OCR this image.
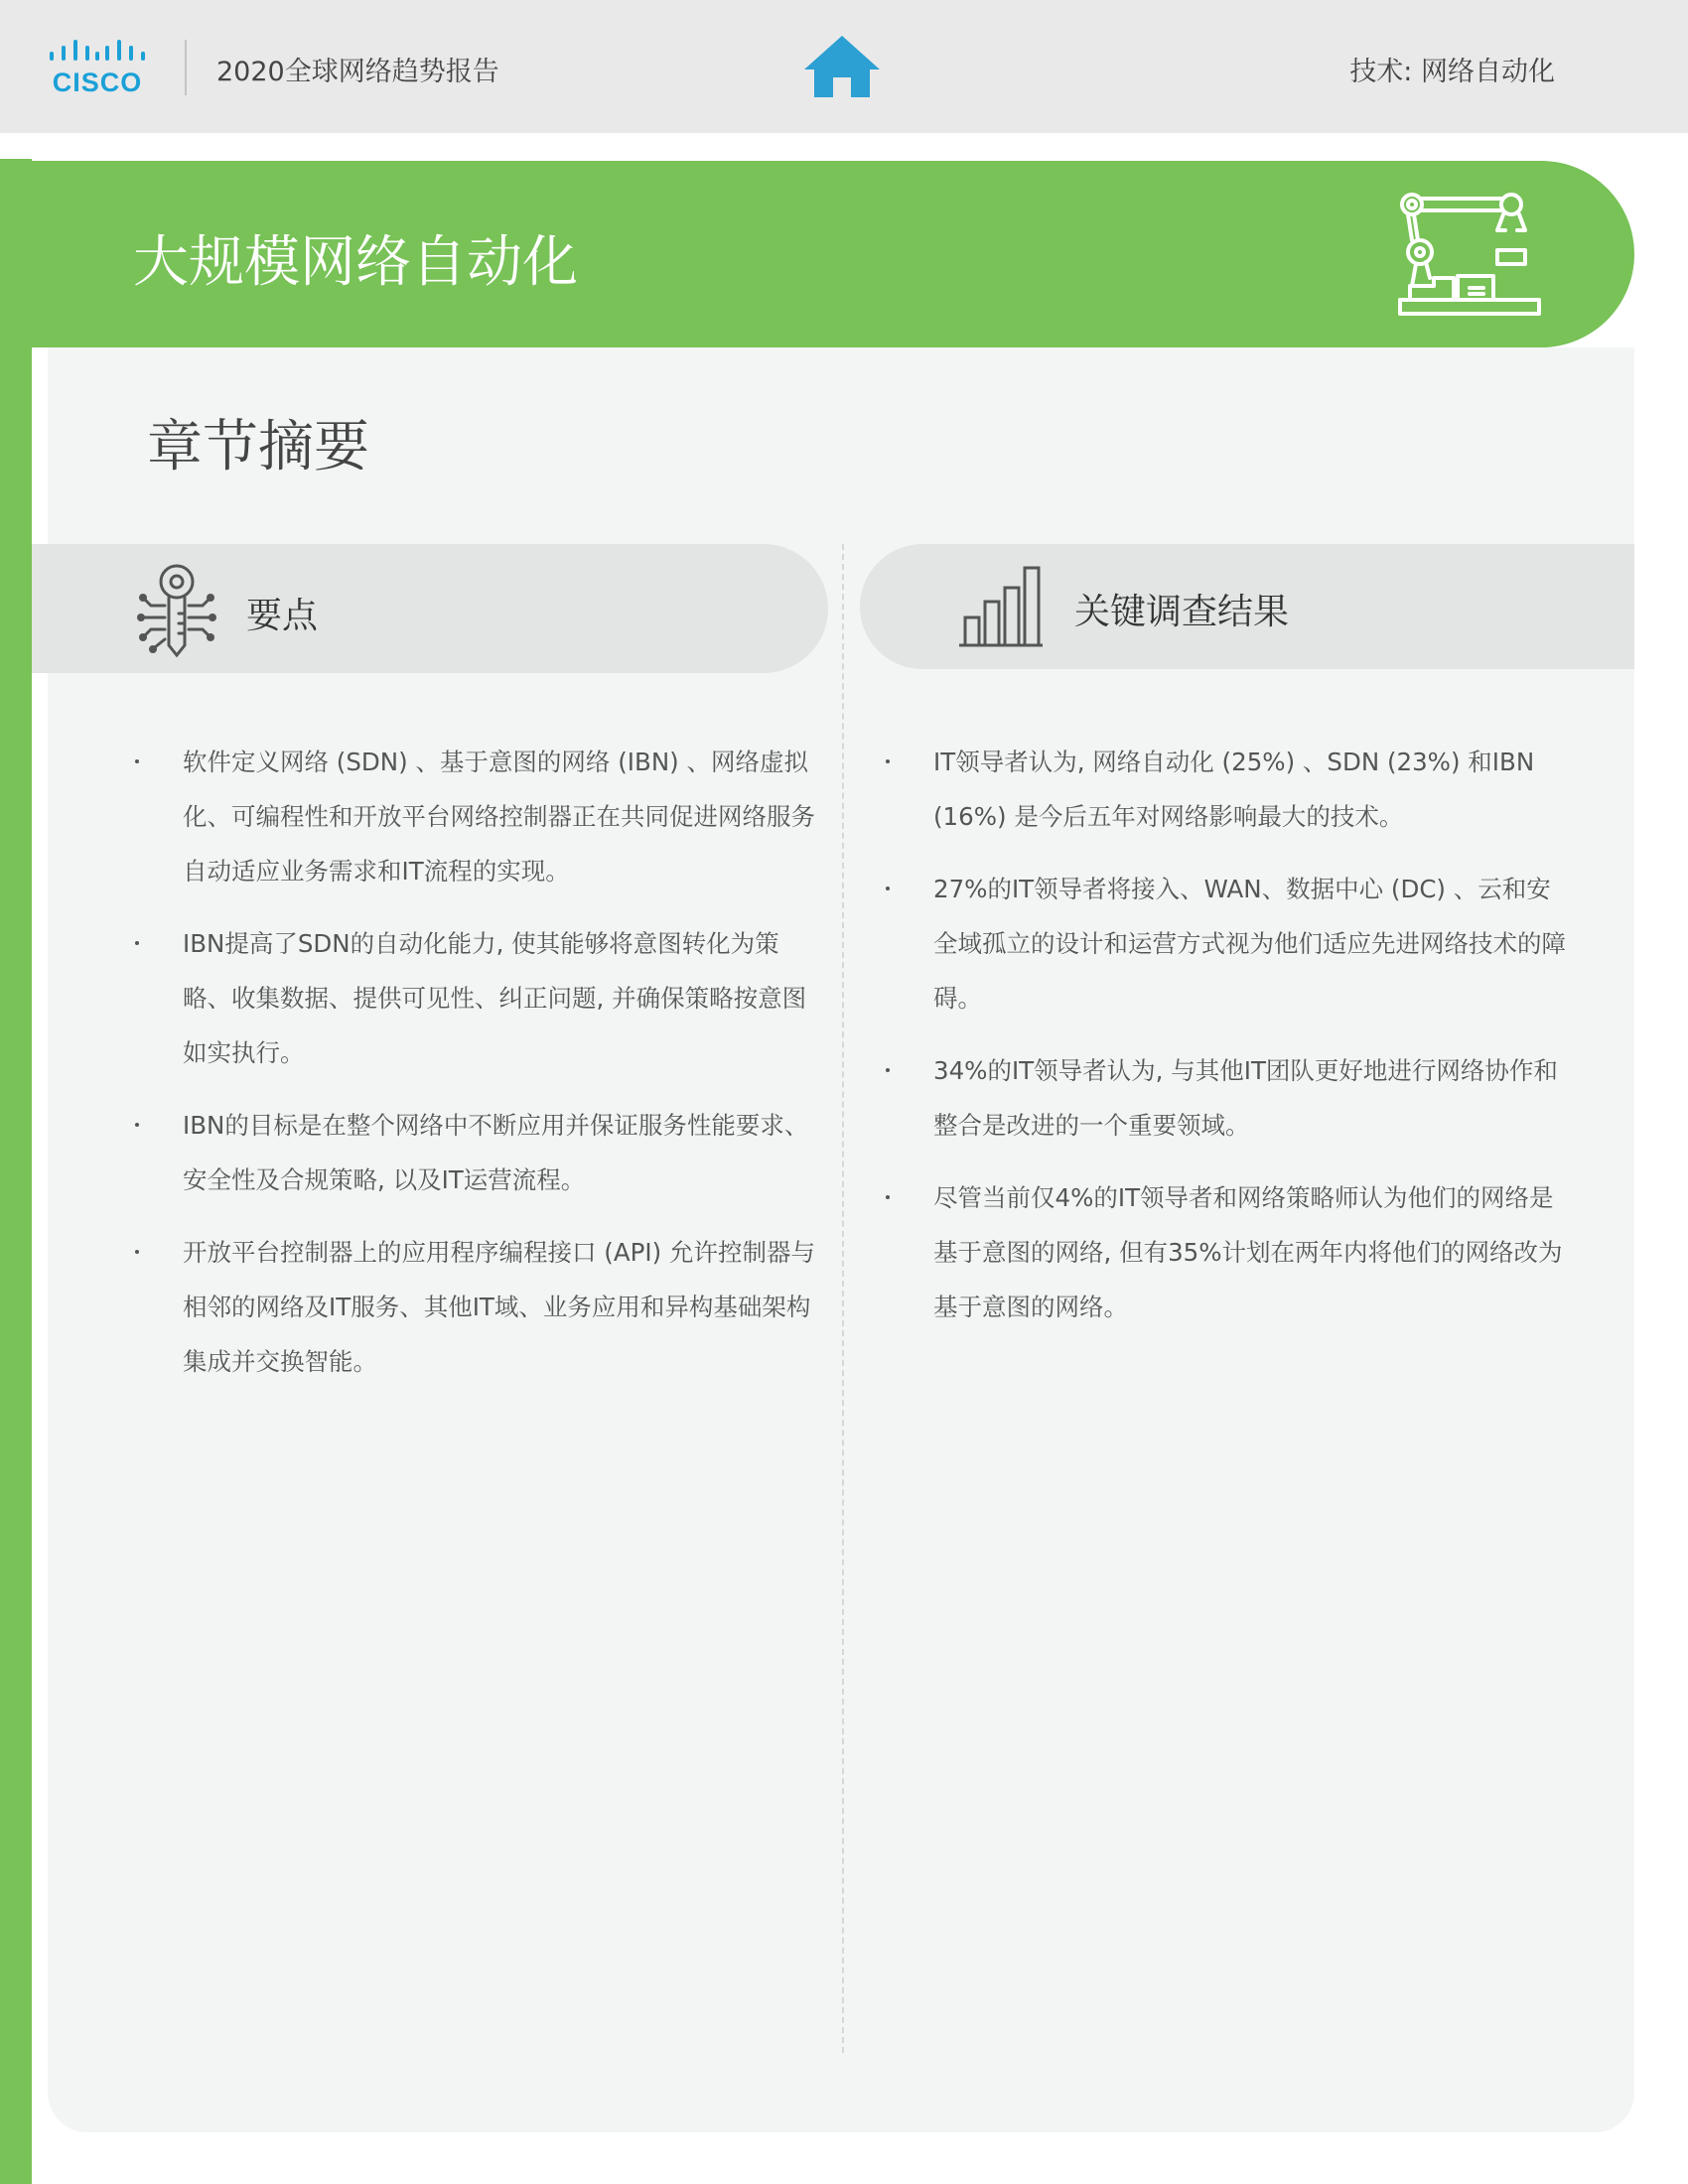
CISCO	2020全球网络趋势报告	技术: 网络自动化
大规模网络自动化
章节摘要
要点	关键调查结果
软件定义网络 (SDN) 、基于意图的网络 (IBN) 、网络虚拟化、可编程性和开放平台网络控制器正在共同促进网络服务自动适应业务需求和IT流程的实现。
IBN提高了SDN的自动化能力, 使其能够将意图转化为策略、收集数据、提供可见性、纠正问题, 并确保策略按意图如实执行。
IBN的目标是在整个网络中不断应用并保证服务性能要求、安全性及合规策略, 以及IT运营流程。
开放平台控制器上的应用程序编程接口 (API) 允许控制器与相邻的网络及IT服务、其他IT域、业务应用和异构基础架构集成并交换智能。
IT领导者认为, 网络自动化 (25%) 、SDN (23%) 和IBN (16%) 是今后五年对网络影响最大的技术。
27%的IT领导者将接入、WAN、数据中心 (DC) 、云和安全域孤立的设计和运营方式视为他们适应先进网络技术的障碍。
34%的IT领导者认为, 与其他IT团队更好地进行网络协作和整合是改进的一个重要领域。
尽管当前仅4%的IT领导者和网络策略师认为他们的网络是基于意图的网络, 但有35%计划在两年内将他们的网络改为基于意图的网络。
